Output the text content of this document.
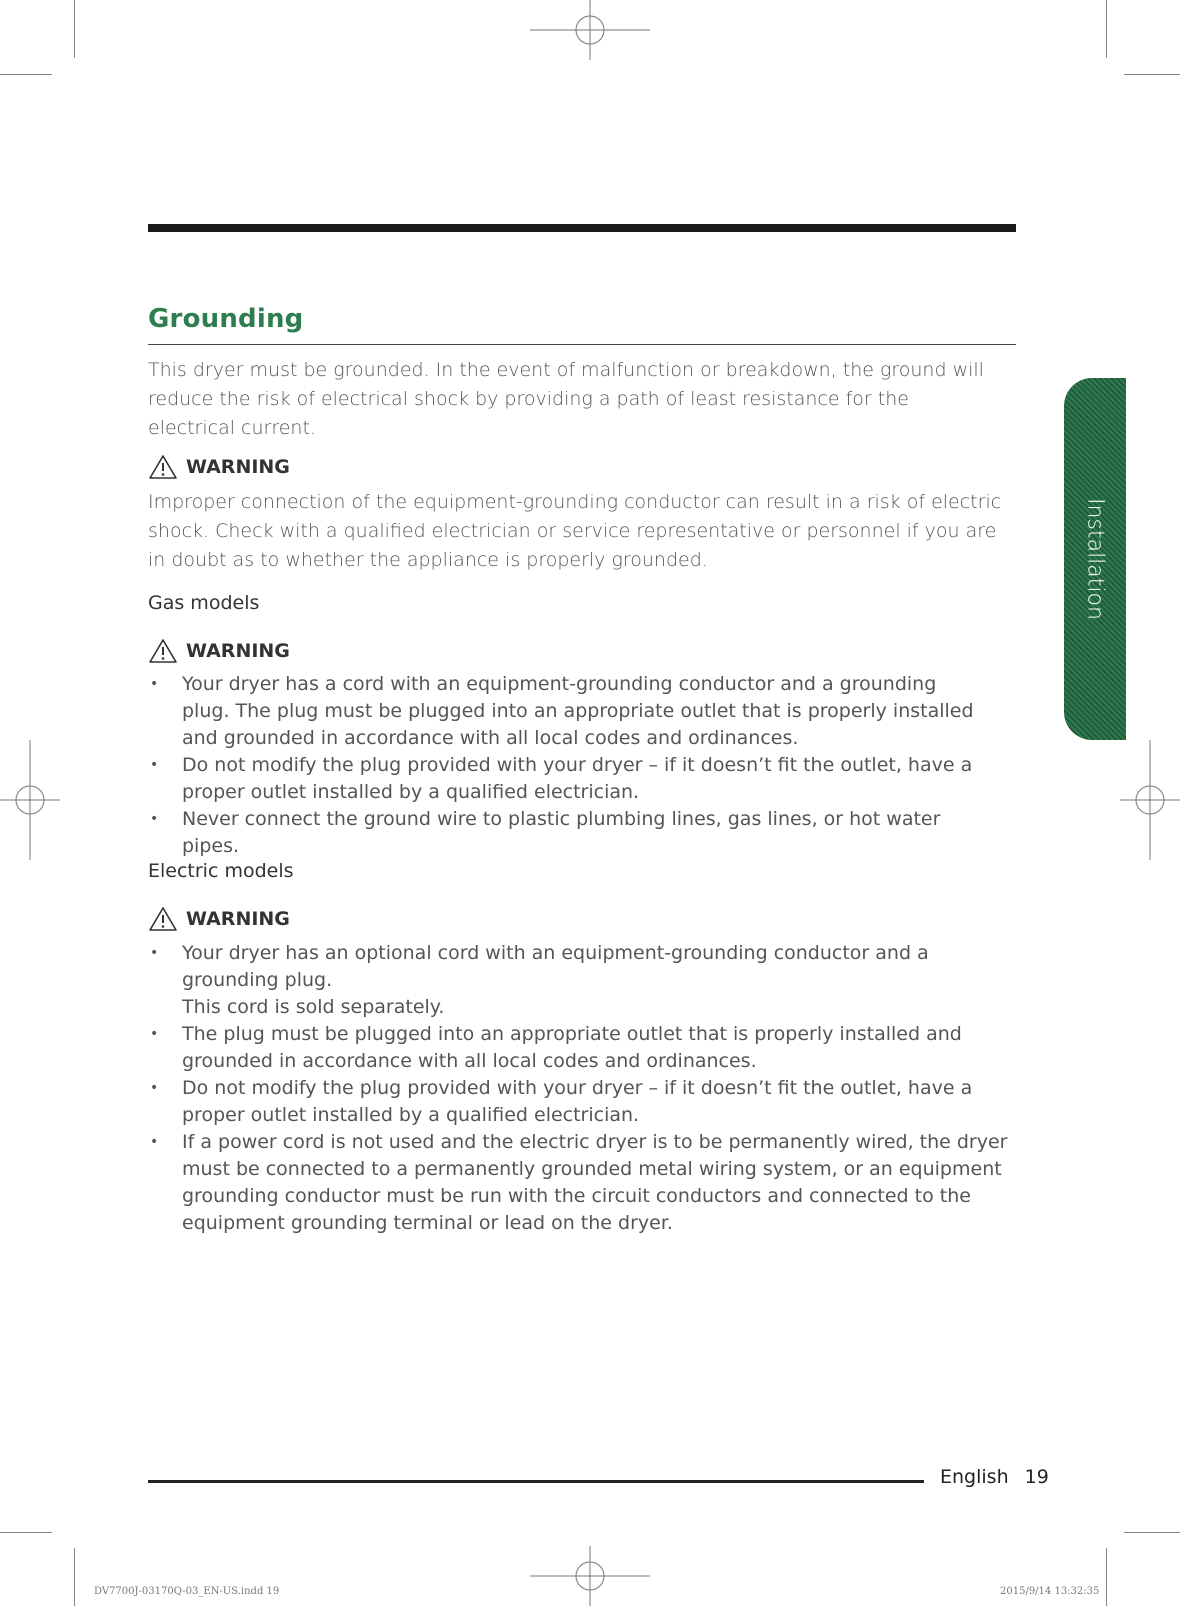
Grounding
This dryer must be grounded. In the event of malfunction or breakdown, the ground will reduce the risk of electrical shock by providing a path of least resistance for the electrical current.
WARNING
Improper connection of the equipment-grounding conductor can result in a risk of electric shock. Check with a qualified electrician or service representative or personnel if you are in doubt as to whether the appliance is properly grounded.
Gas models
WARNING
• Your dryer has a cord with an equipment-grounding conductor and a grounding plug. The plug must be plugged into an appropriate outlet that is properly installed and grounded in accordance with all local codes and ordinances.
• Do not modify the plug provided with your dryer – if it doesn’t fit the outlet, have a proper outlet installed by a qualified electrician.
• Never connect the ground wire to plastic plumbing lines, gas lines, or hot water pipes.
Electric models
WARNING
• Your dryer has an optional cord with an equipment-grounding conductor and a grounding plug.
This cord is sold separately.
• The plug must be plugged into an appropriate outlet that is properly installed and grounded in accordance with all local codes and ordinances.
• Do not modify the plug provided with your dryer – if it doesn’t fit the outlet, have a proper outlet installed by a qualified electrician.
• If a power cord is not used and the electric dryer is to be permanently wired, the dryer must be connected to a permanently grounded metal wiring system, or an equipment grounding conductor must be run with the circuit conductors and connected to the equipment grounding terminal or lead on the dryer.
Installation
English 19
DV7700J-03170Q-03_EN-US.indd 19	2015/9/14 13:32:35
